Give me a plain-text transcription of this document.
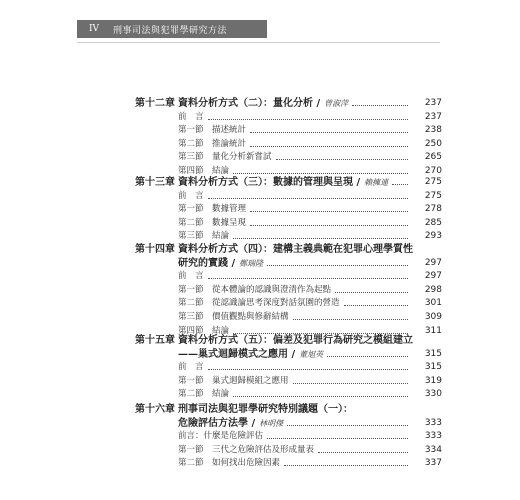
IV	刑事司法與犯罪學研究方法
第十二章 資料分析方式（二）：量化分析 / 曾淑萍	237
前　言	237
第一節 描述統計	238
第二節 推論統計	250
第三節 量化分析新嘗試	265
第四節 結論	270
第十三章 資料分析方式（三）：數據的管理與呈現 / 賴擁連	275
前　言	275
第一節 數據管理	278
第二節 數據呈現	285
第三節 結論	293
第十四章 資料分析方式（四）：建構主義典範在犯罪心理學質性
研究的實踐 / 鄭瑞隆	297
前　言	297
第一節 從本體論的認識與澄清作為起點	298
第二節 從認識論思考深度對話氛圍的營造	301
第三節 價值觀點與修辭結構	309
第四節 結論	311
第十五章 資料分析方式（五）：偏差及犯罪行為研究之模組建立
——巢式迴歸模式之應用 / 董旭英	315
前　言	315
第一節 巢式迴歸模組之應用	319
第二節 結論	330
第十六章 刑事司法與犯罪學研究特別議題（一）：
危險評估方法學 / 林明傑	333
前言：什麼是危險評估	333
第一節 三代之危險評估及形成量表	334
第二節 如何找出危險因素	337
